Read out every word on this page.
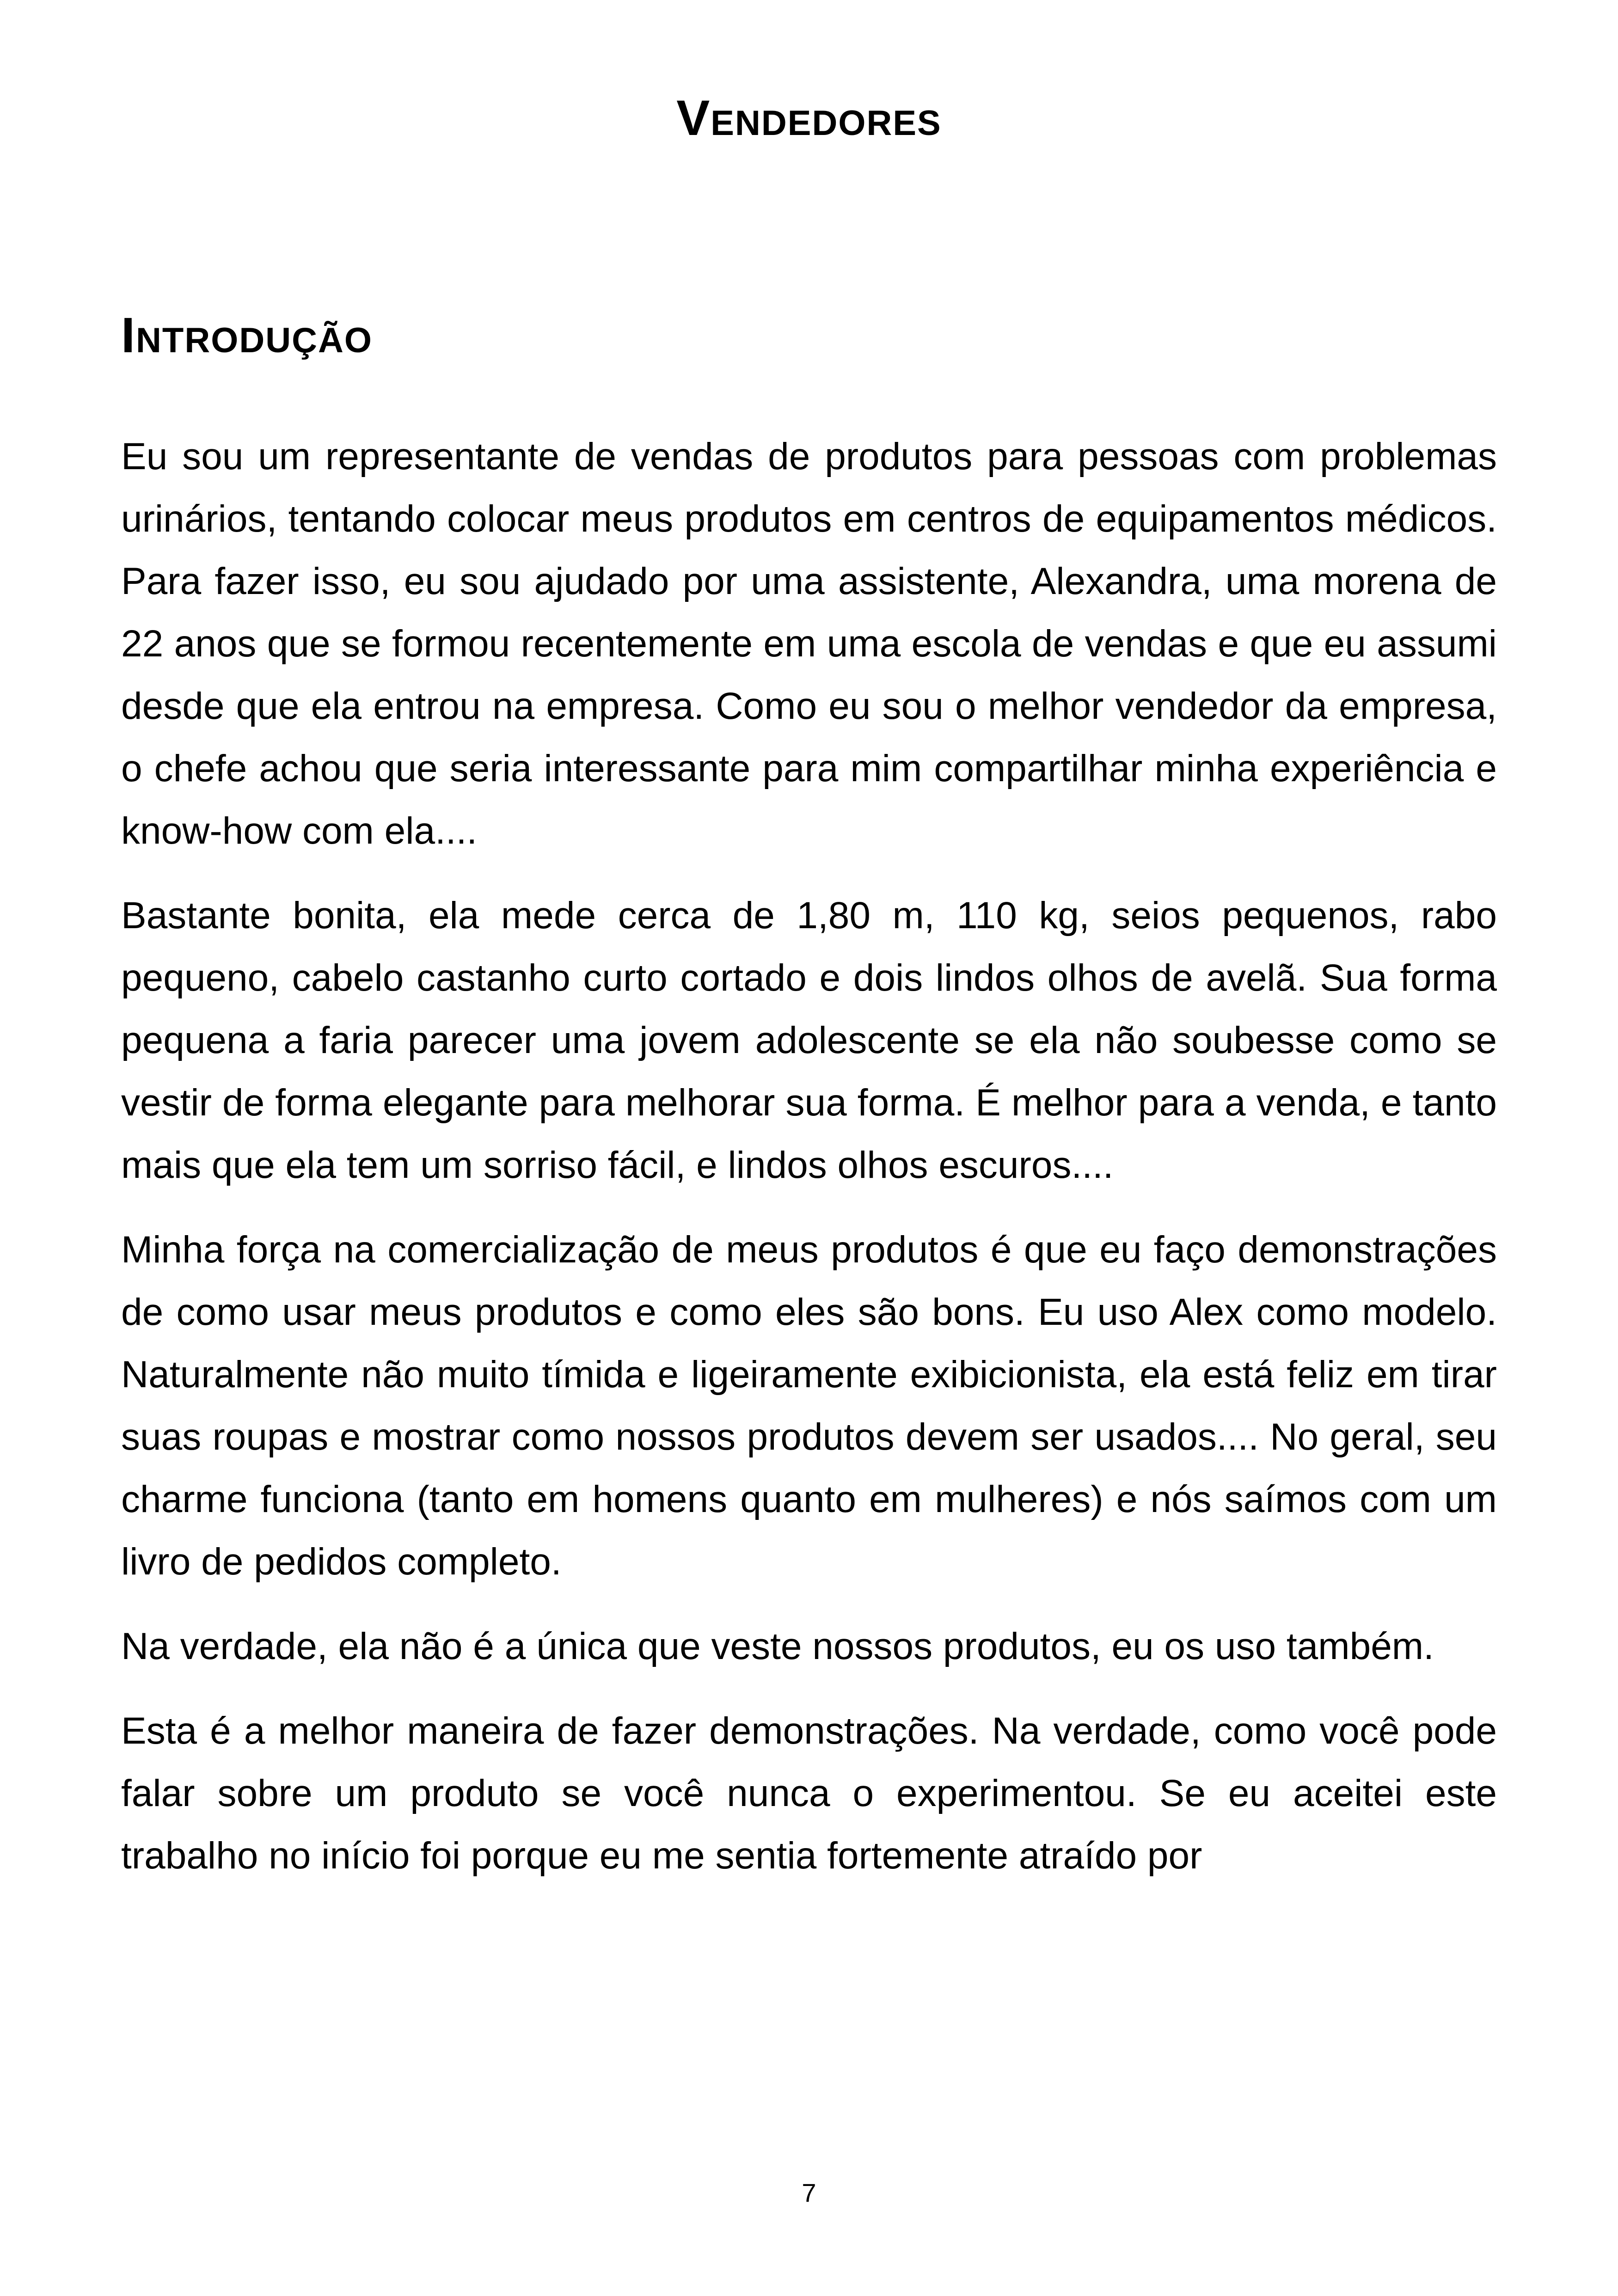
Vendedores
Introdução

Eu sou um representante de vendas de produtos para pessoas com problemas urinários, tentando colocar meus produtos em centros de equipamentos médicos. Para fazer isso, eu sou ajudado por uma assistente, Alexandra, uma morena de 22 anos que se formou recentemente em uma escola de vendas e que eu assumi desde que ela entrou na empresa. Como eu sou o melhor vendedor da empresa, o chefe achou que seria interessante para mim compartilhar minha experiência e know-how com ela....

Bastante bonita, ela mede cerca de 1,80 m, 110 kg, seios pequenos, rabo pequeno, cabelo castanho curto cortado e dois lindos olhos de avelã. Sua forma pequena a faria parecer uma jovem adolescente se ela não soubesse como se vestir de forma elegante para melhorar sua forma. É melhor para a venda, e tanto mais que ela tem um sorriso fácil, e lindos olhos escuros....

Minha força na comercialização de meus produtos é que eu faço demonstrações de como usar meus produtos e como eles são bons. Eu uso Alex como modelo. Naturalmente não muito tímida e ligeiramente exibicionista, ela está feliz em tirar suas roupas e mostrar como nossos produtos devem ser usados.... No geral, seu charme funciona (tanto em homens quanto em mulheres) e nós saímos com um livro de pedidos completo.

Na verdade, ela não é a única que veste nossos produtos, eu os uso também.

Esta é a melhor maneira de fazer demonstrações. Na verdade, como você pode falar sobre um produto se você nunca o experimentou. Se eu aceitei este trabalho no início foi porque eu me sentia fortemente atraído por

7
